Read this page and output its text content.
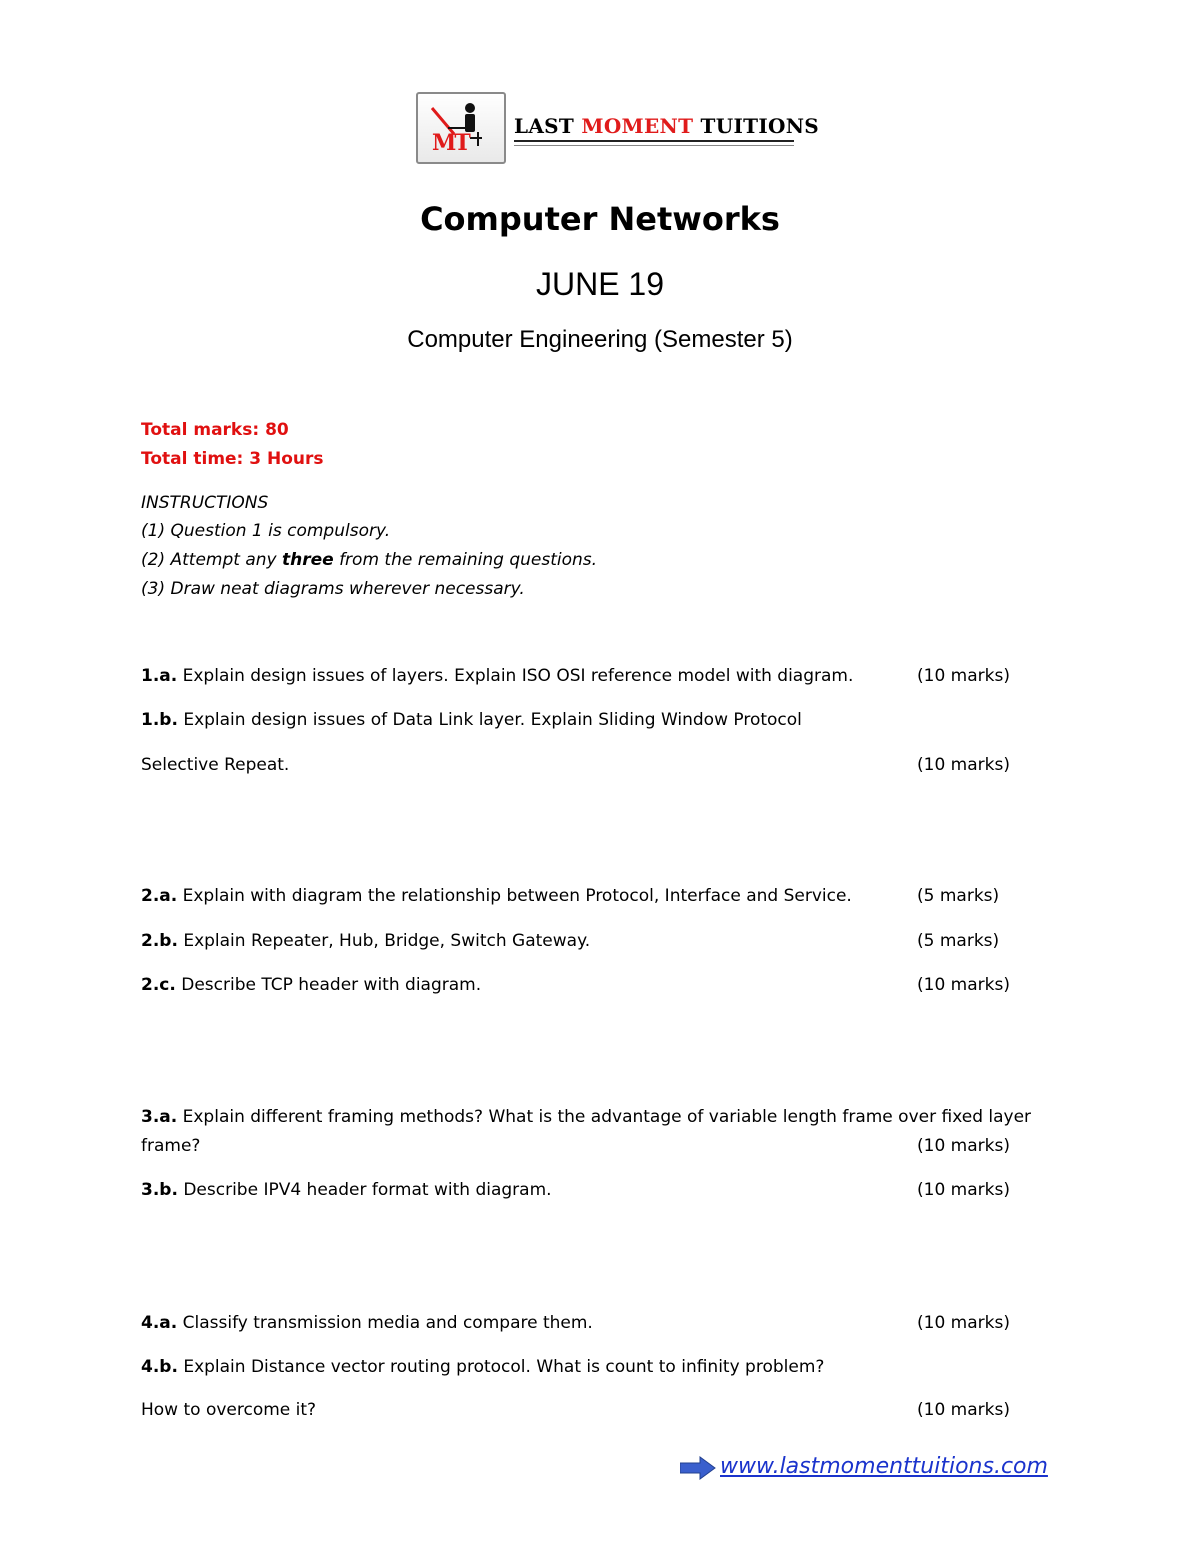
MT
LAST MOMENT TUITIONS
Computer Networks
JUNE 19
Computer Engineering (Semester 5)
Total marks: 80
Total time: 3 Hours
INSTRUCTIONS
(1) Question 1 is compulsory.
(2) Attempt any three from the remaining questions.
(3) Draw neat diagrams wherever necessary.
1.a. Explain design issues of layers. Explain ISO OSI reference model with diagram.	(10 marks)
1.b. Explain design issues of Data Link layer. Explain Sliding Window Protocol
Selective Repeat.	(10 marks)
2.a. Explain with diagram the relationship between Protocol, Interface and Service.	(5 marks)
2.b. Explain Repeater, Hub, Bridge, Switch Gateway.	(5 marks)
2.c. Describe TCP header with diagram.	(10 marks)
3.a. Explain different framing methods? What is the advantage of variable length frame over fixed layer
frame?	(10 marks)
3.b. Describe IPV4 header format with diagram.	(10 marks)
4.a. Classify transmission media and compare them.	(10 marks)
4.b. Explain Distance vector routing protocol. What is count to infinity problem?
How to overcome it?	(10 marks)
www.lastmomenttuitions.com
